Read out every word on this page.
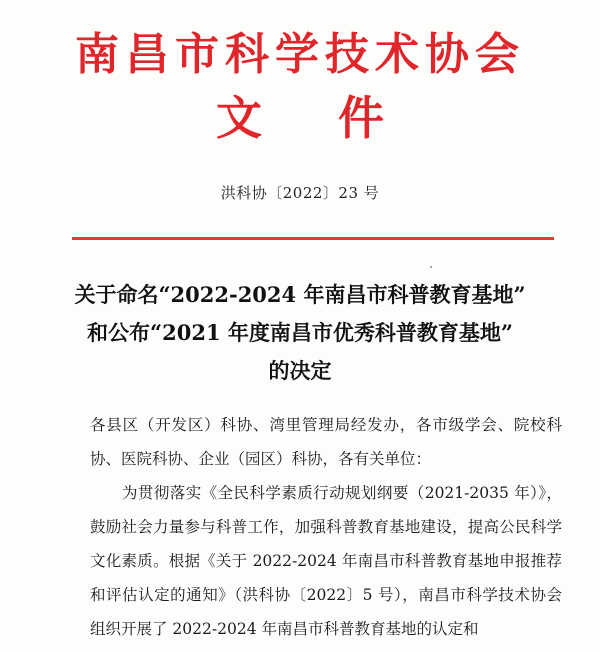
南昌市科学技术协会
文 件
洪科协〔2022〕23 号
关于命名“2022-2024 年南昌市科普教育基地”
和公布“2021 年度南昌市优秀科普教育基地”
的决定

各县区（开发区）科协、湾里管理局经发办，各市级学会、院校科协、医院科协、企业（园区）科协，各有关单位：

为贯彻落实《全民科学素质行动规划纲要（2021-2035 年）》，鼓励社会力量参与科普工作，加强科普教育基地建设，提高公民科学文化素质。根据《关于 2022-2024 年南昌市科普教育基地申报推荐和评估认定的通知》（洪科协〔2022〕5 号），南昌市科学技术协会组织开展了 2022-2024 年南昌市科普教育基地的认定和
